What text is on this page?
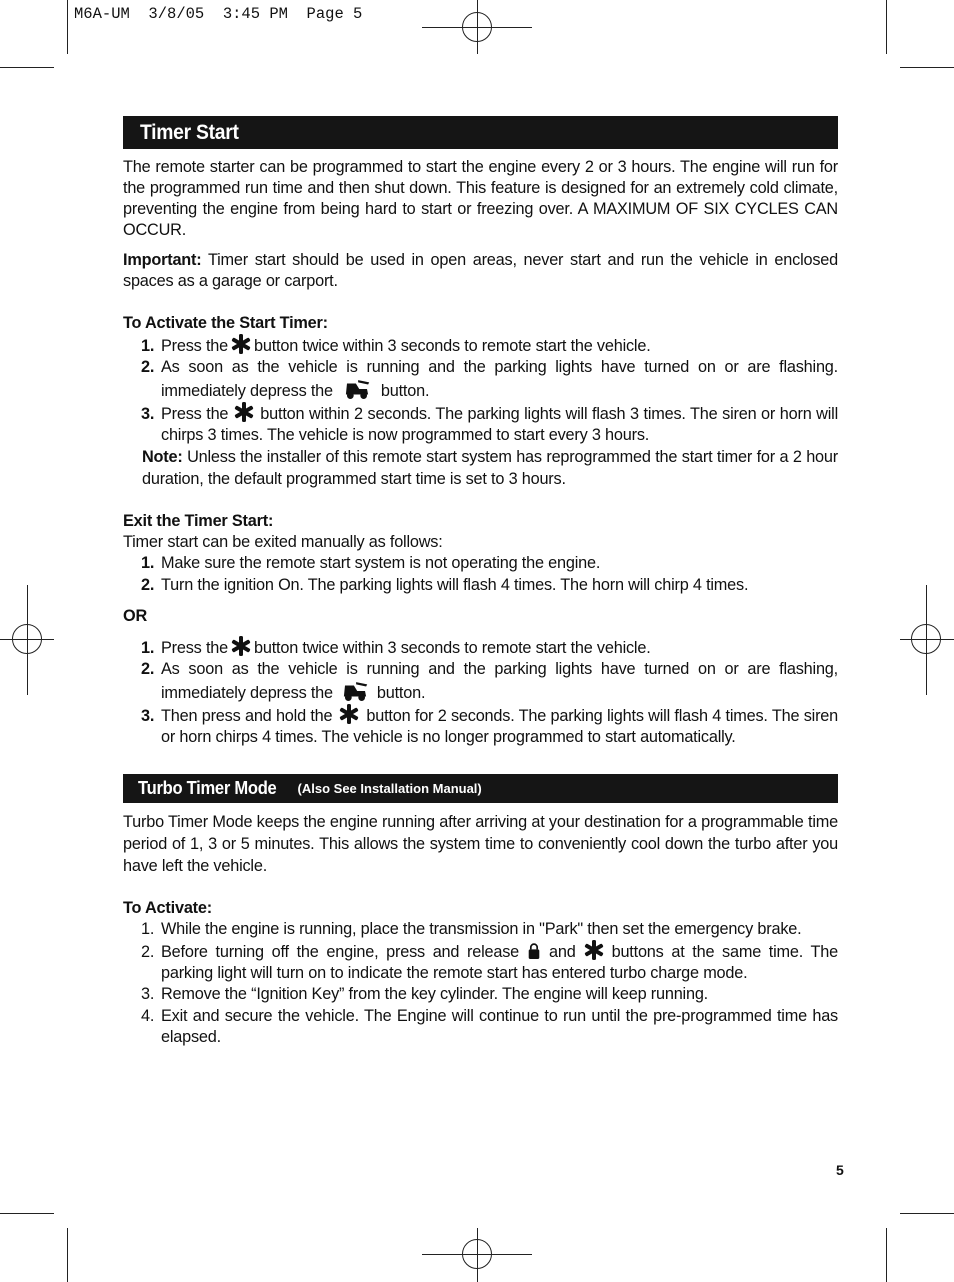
M6A-UM  3/8/05  3:45 PM  Page 5
Timer Start

The remote starter can be programmed to start the engine every 2 or 3 hours. The engine will run for the programmed run time and then shut down. This feature is designed for an extremely cold climate, preventing the engine from being hard to start or freezing over. A MAXIMUM OF SIX CYCLES CAN OCCUR.

Important: Timer start should be used in open areas, never start and run the vehicle in enclosed spaces as a garage or carport.

To Activate the Start Timer:
1. Press the button twice within 3 seconds to remote start the vehicle.
2. As soon as the vehicle is running and the parking lights have turned on or are flashing. immediately depress the	button.
3. Press the button within 2 seconds. The parking lights will flash 3 times. The siren or horn will chirps 3 times. The vehicle is now programmed to start every 3 hours.

Note: Unless the installer of this remote start system has reprogrammed the start timer for a 2 hour duration, the default programmed start time is set to 3 hours.

Exit the Timer Start:

Timer start can be exited manually as follows:

1. Make sure the remote start system is not operating the engine.
2. Turn the ignition On. The parking lights will flash 4 times. The horn will chirp 4 times.
OR
1. Press the button twice within 3 seconds to remote start the vehicle.
2. As soon as the vehicle is running and the parking lights have turned on or are flashing, immediately depress the	button.
3. Then press and hold the button for 2 seconds. The parking lights will flash 4 times. The siren or horn chirps 4 times. The vehicle is no longer programmed to start automatically.
Turbo Timer Mode (Also See Installation Manual)

Turbo Timer Mode keeps the engine running after arriving at your destination for a programmable time period of 1, 3 or 5 minutes. This allows the system time to conveniently cool down the turbo after you have left the vehicle.

To Activate:
1. While the engine is running, place the transmission in "Park" then set the emergency brake.
2. Before turning off the engine, press and release and buttons at the same time. The parking light will turn on to indicate the remote start has entered turbo charge mode.
3. Remove the “Ignition Key” from the key cylinder. The engine will keep running.
4. Exit and secure the vehicle. The Engine will continue to run until the pre-programmed time has elapsed.
5
